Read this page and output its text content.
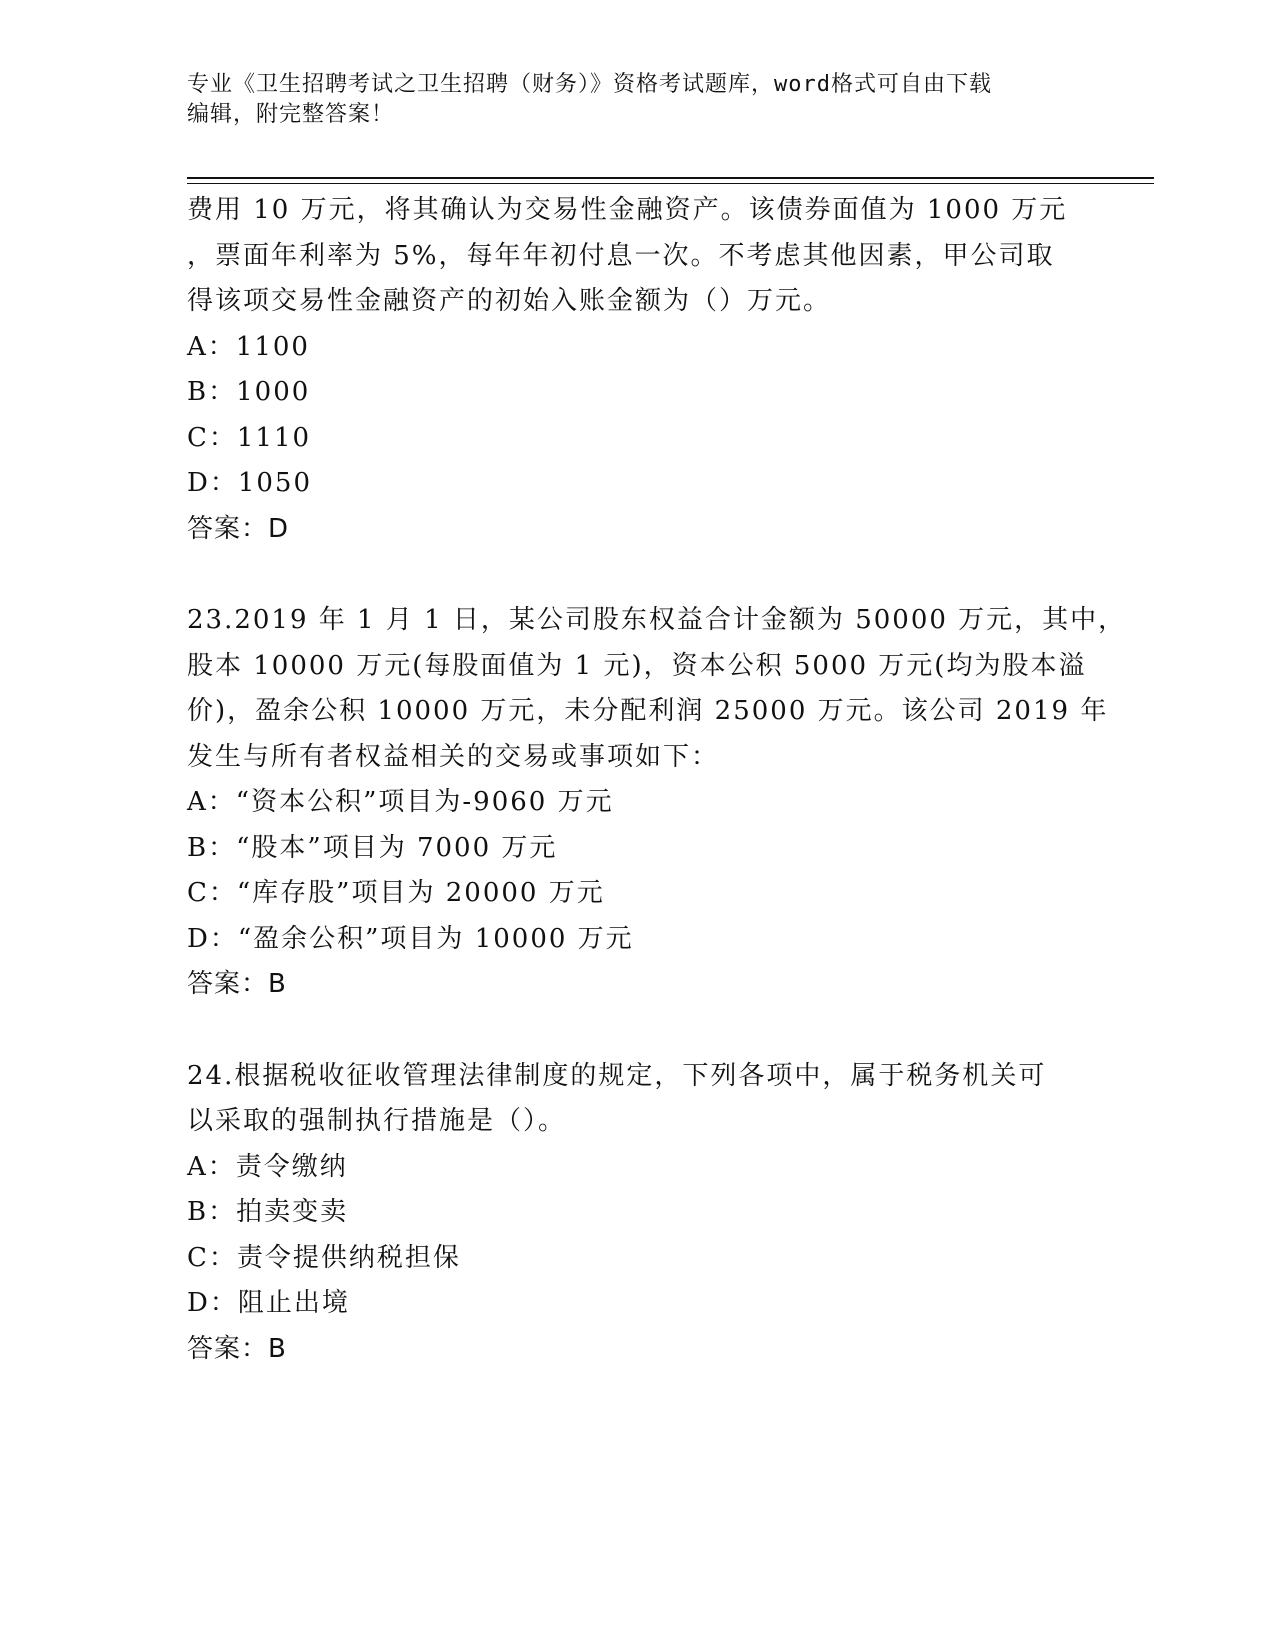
专业《卫生招聘考试之卫生招聘（财务）》资格考试题库，word格式可自由下载
编辑，附完整答案！
费用 10 万元，将其确认为交易性金融资产。该债券面值为 1000 万元
，票面年利率为 5%，每年年初付息一次。不考虑其他因素，甲公司取
得该项交易性金融资产的初始入账金额为（）万元。
A：1100
B：1000
C：1110
D：1050
答案：D
23.2019 年 1 月 1 日，某公司股东权益合计金额为 50000 万元，其中，
股本 10000 万元(每股面值为 1 元)，资本公积 5000 万元(均为股本溢
价)，盈余公积 10000 万元，未分配利润 25000 万元。该公司 2019 年
发生与所有者权益相关的交易或事项如下：
A：“资本公积”项目为-9060 万元
B：“股本”项目为 7000 万元
C：“库存股”项目为 20000 万元
D：“盈余公积”项目为 10000 万元
答案：B
24.根据税收征收管理法律制度的规定，下列各项中，属于税务机关可
以采取的强制执行措施是（）。
A：责令缴纳
B：拍卖变卖
C：责令提供纳税担保
D：阻止出境
答案：B
